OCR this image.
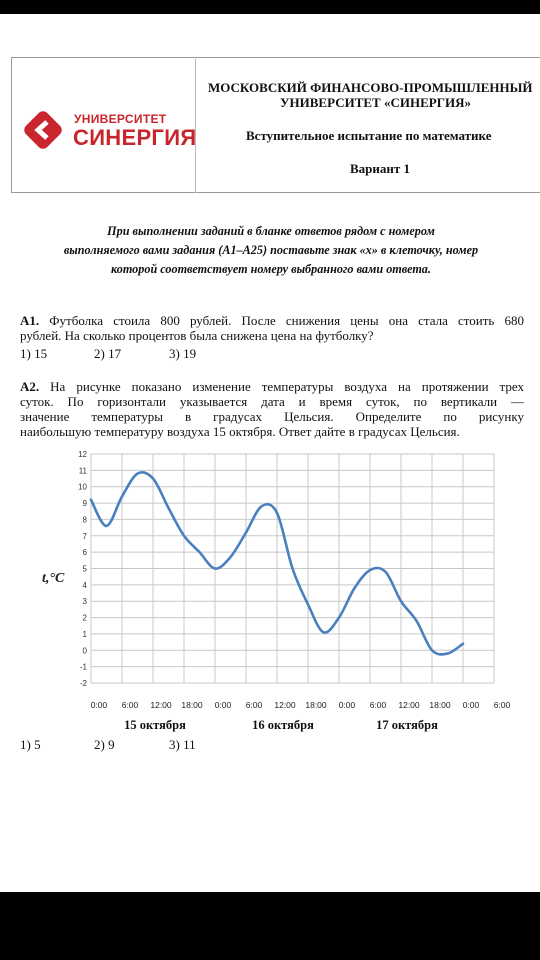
УНИВЕРСИТЕТ
СИНЕРГИЯ
МОСКОВСКИЙ ФИНАНСОВО-ПРОМЫШЛЕННЫЙ
УНИВЕРСИТЕТ «СИНЕРГИЯ»
Вступительное испытание по математике
Вариант 1
При выполнении заданий в бланке ответов рядом с номером
выполняемого вами задания (А1–А25) поставьте знак «х» в клеточку, номер
которой соответствует номеру выбранного вами ответа.
А1. Футболка стоила 800 рублей. После снижения цены она стала стоить 680
рублей. На сколько процентов была снижена цена на футболку?
1) 15	2) 17	3) 19
А2. На рисунке показано изменение температуры воздуха на протяжении трех
суток. По горизонтали указывается дата и время суток, по вертикали —
значение температуры в градусах Цельсия. Определите по рисунку
наибольшую температуру воздуха 15 октября. Ответ дайте в градусах Цельсия.
-2
-1
0
1
2
3
4
5
6
7
8
9
10
11
12
0:00 6:00 12:00 18:00 0:00 6:00 12:00 18:00 0:00 6:00 12:00 18:00 0:00 6:00
15 октября	16 октября	17 октября
t,°C
1) 5	2) 9	3) 11
